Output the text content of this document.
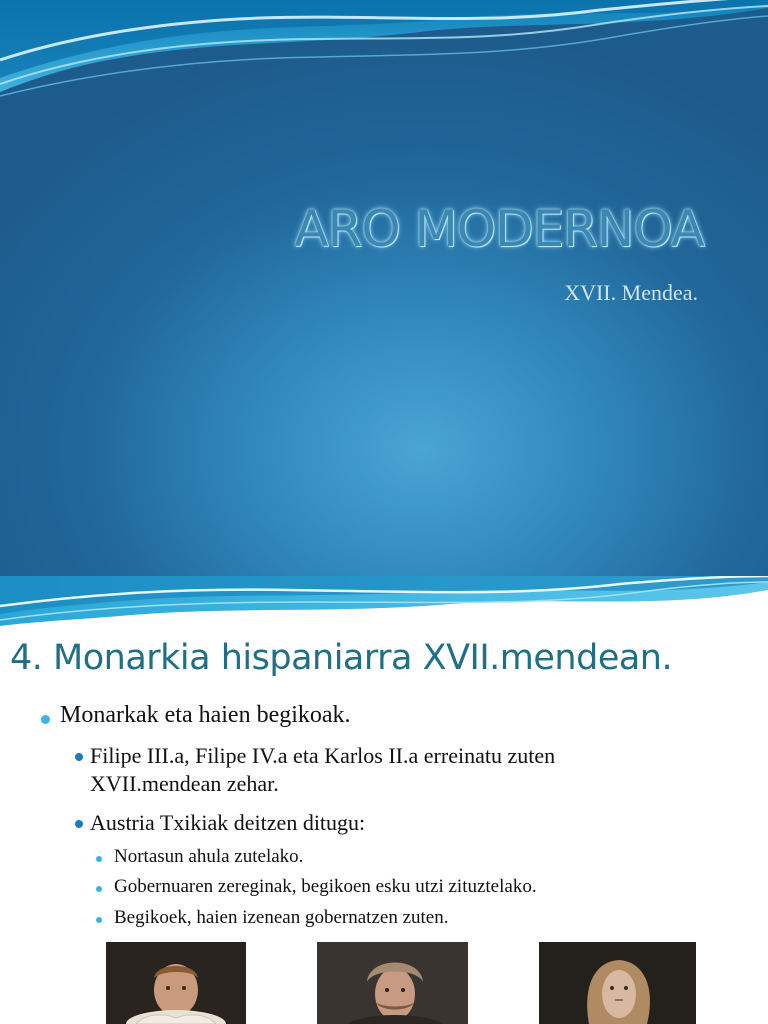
ARO MODERNOA
XVII. Mendea.
4. Monarkia hispaniarra XVII.mendean.
Monarkak eta haien begikoak.
Filipe III.a, Filipe IV.a eta Karlos II.a erreinatu zuten
XVII.mendean zehar.
Austria Txikiak deitzen ditugu:
Nortasun ahula zutelako.
Gobernuaren zereginak, begikoen esku utzi zituztelako.
Begikoek, haien izenean gobernatzen zuten.
